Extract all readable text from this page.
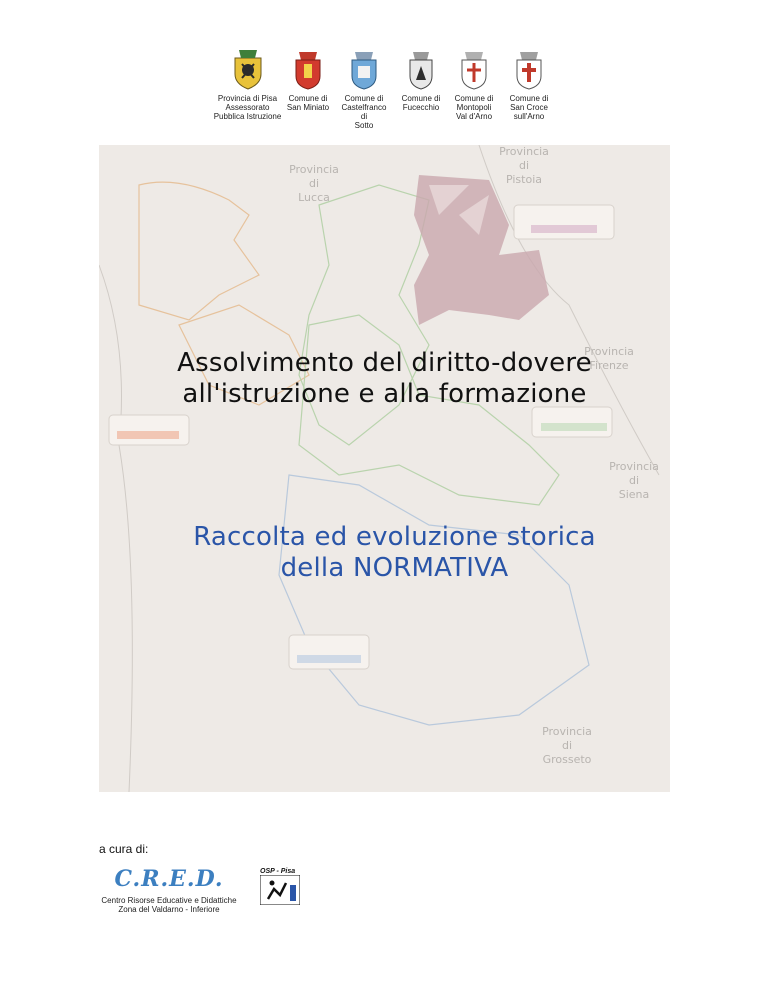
Provincia di Pisa
Assessorato
Pubblica Istruzione
Comune di
San Miniato
Comune di
Castelfranco di
Sotto
Comune di
Fucecchio
Comune di
Montopoli
Val d'Arno
Comune di
San Croce
sull'Arno
Provincia
di
Lucca
Provincia
di
Pistoia
Provincia
Firenze
Provincia
di
Siena
Provincia
di
Grosseto
Assolvimento del diritto-dovere
all'istruzione e alla formazione
Raccolta ed evoluzione storica
della NORMATIVA
a cura di:
C.R.E.D.
Centro Risorse Educative e Didattiche
Zona del Valdarno - Inferiore
OSP - Pisa
